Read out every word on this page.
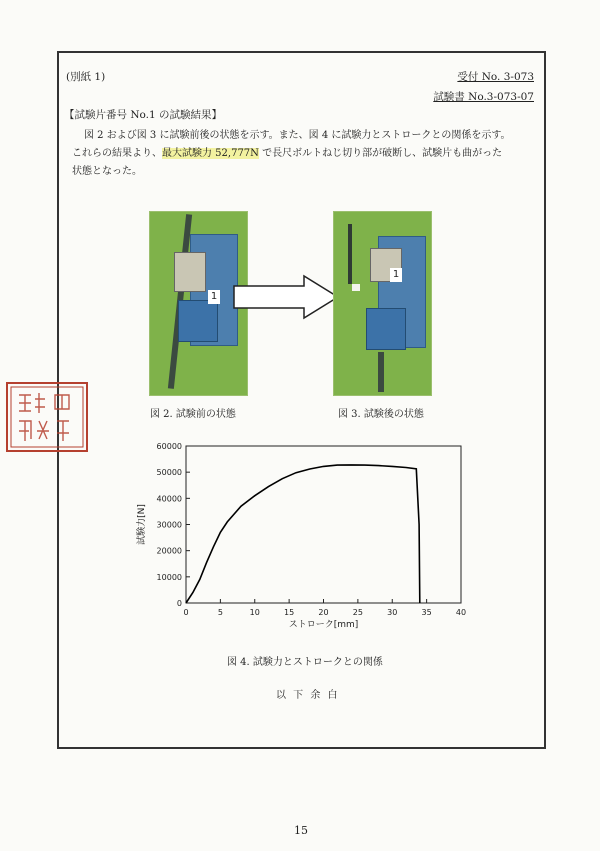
(別紙 1)	受付 No. 3-073
試験書 No.3-073-07
【試験片番号 No.1 の試験結果】
図 2 および図 3 に試験前後の状態を示す。また、図 4 に試験力とストロークとの関係を示す。
これらの結果より、最大試験力 52,777N で長尺ボルトねじ切り部が破断し、試験片も曲がった
状態となった。
1
1
図 2. 試験前の状態	図 3. 試験後の状態
0	5	10	15	20	25	30	35	40
0
10000
20000
30000
40000
50000
60000
ストローク[mm]
試験力[N]
図 4. 試験力とストロークとの関係
以 下 余 白
15
